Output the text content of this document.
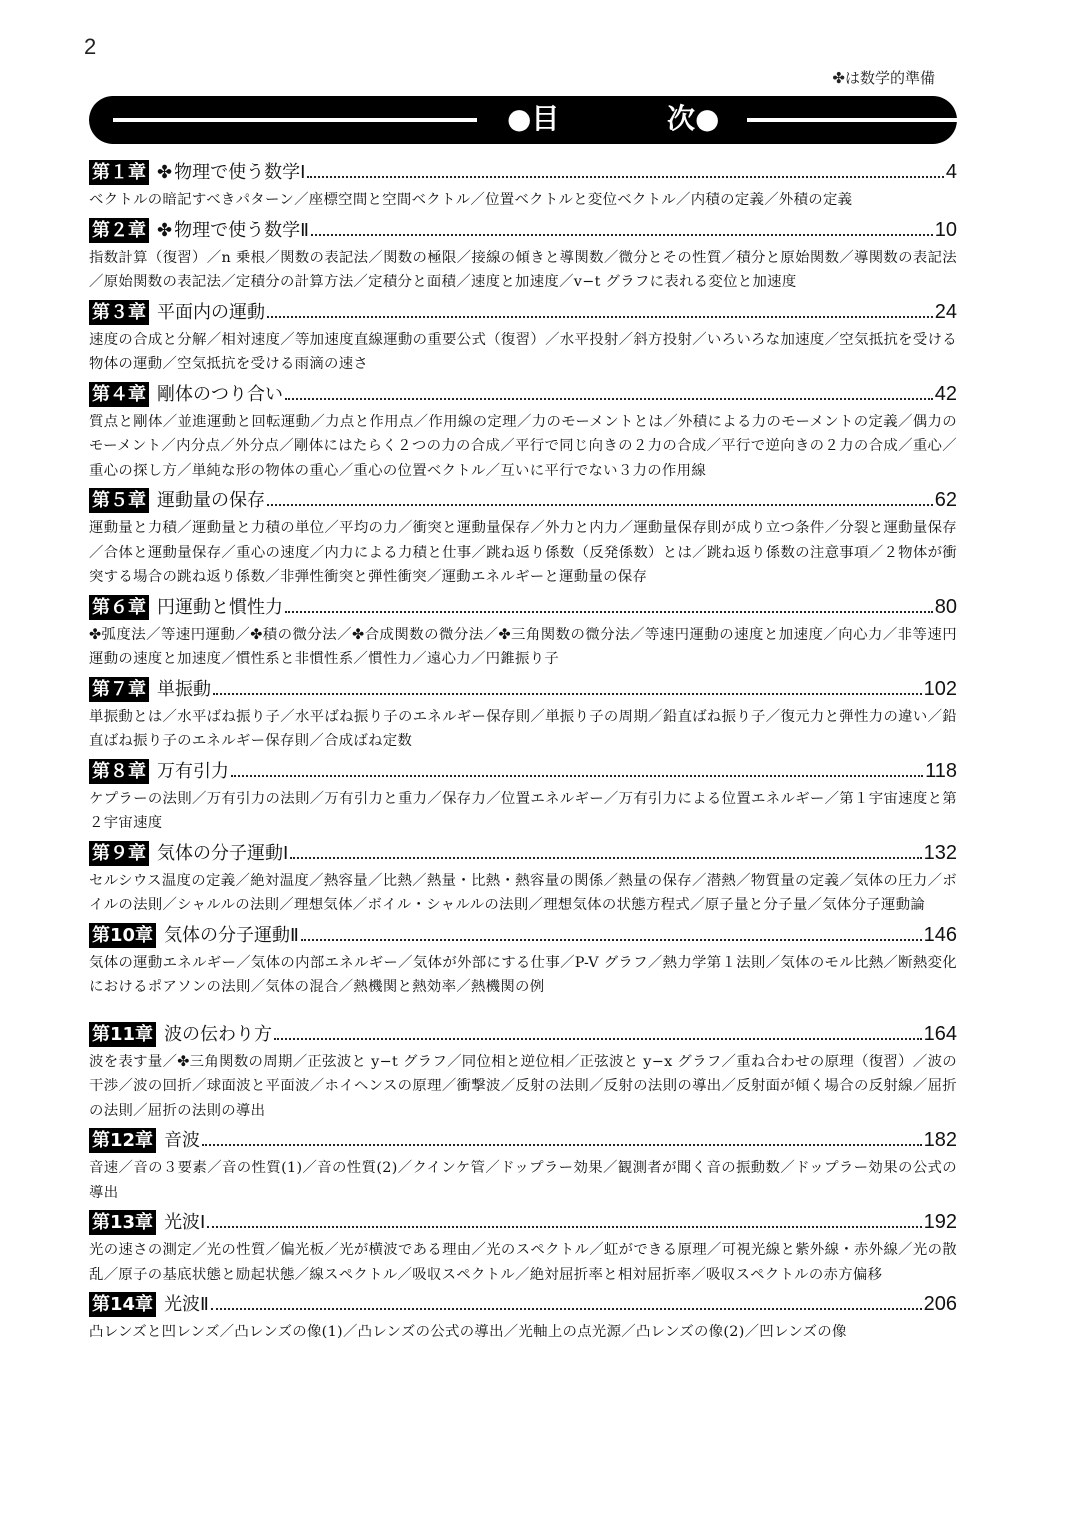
2
✤は数学的準備
●目	次●
第１章 ✤ 物理で使う数学Ⅰ	4
ベクトルの暗記すべきパターン／座標空間と空間ベクトル／位置ベクトルと変位ベクトル／内積の定義／外積の定義
第２章 ✤ 物理で使う数学Ⅱ	10
指数計算（復習）／n 乗根／関数の表記法／関数の極限／接線の傾きと導関数／微分とその性質／積分と原始関数／導関数の表記法／原始関数の表記法／定積分の計算方法／定積分と面積／速度と加速度／v−t グラフに表れる変位と加速度
第３章 平面内の運動	24
速度の合成と分解／相対速度／等加速度直線運動の重要公式（復習）／水平投射／斜方投射／いろいろな加速度／空気抵抗を受ける物体の運動／空気抵抗を受ける雨滴の速さ
第４章 剛体のつり合い	42
質点と剛体／並進運動と回転運動／力点と作用点／作用線の定理／力のモーメントとは／外積による力のモーメントの定義／偶力のモーメント／内分点／外分点／剛体にはたらく２つの力の合成／平行で同じ向きの２力の合成／平行で逆向きの２力の合成／重心／重心の探し方／単純な形の物体の重心／重心の位置ベクトル／互いに平行でない３力の作用線
第５章 運動量の保存	62
運動量と力積／運動量と力積の単位／平均の力／衝突と運動量保存／外力と内力／運動量保存則が成り立つ条件／分裂と運動量保存／合体と運動量保存／重心の速度／内力による力積と仕事／跳ね返り係数（反発係数）とは／跳ね返り係数の注意事項／２物体が衝突する場合の跳ね返り係数／非弾性衝突と弾性衝突／運動エネルギーと運動量の保存
第６章 円運動と慣性力	80
✤弧度法／等速円運動／✤積の微分法／✤合成関数の微分法／✤三角関数の微分法／等速円運動の速度と加速度／向心力／非等速円運動の速度と加速度／慣性系と非慣性系／慣性力／遠心力／円錐振り子
第７章 単振動	102
単振動とは／水平ばね振り子／水平ばね振り子のエネルギー保存則／単振り子の周期／鉛直ばね振り子／復元力と弾性力の違い／鉛直ばね振り子のエネルギー保存則／合成ばね定数
第８章 万有引力	118
ケプラーの法則／万有引力の法則／万有引力と重力／保存力／位置エネルギー／万有引力による位置エネルギー／第１宇宙速度と第２宇宙速度
第９章 気体の分子運動Ⅰ	132
セルシウス温度の定義／絶対温度／熱容量／比熱／熱量・比熱・熱容量の関係／熱量の保存／潜熱／物質量の定義／気体の圧力／ボイルの法則／シャルルの法則／理想気体／ボイル・シャルルの法則／理想気体の状態方程式／原子量と分子量／気体分子運動論
第10章 気体の分子運動Ⅱ	146
気体の運動エネルギー／気体の内部エネルギー／気体が外部にする仕事／P-V グラフ／熱力学第１法則／気体のモル比熱／断熱変化におけるポアソンの法則／気体の混合／熱機関と熱効率／熱機関の例
第11章 波の伝わり方	164
波を表す量／✤三角関数の周期／正弦波と y−t グラフ／同位相と逆位相／正弦波と y−x グラフ／重ね合わせの原理（復習）／波の干渉／波の回折／球面波と平面波／ホイヘンスの原理／衝撃波／反射の法則／反射の法則の導出／反射面が傾く場合の反射線／屈折の法則／屈折の法則の導出
第12章 音波	182
音速／音の３要素／音の性質(1)／音の性質(2)／クインケ管／ドップラー効果／観測者が聞く音の振動数／ドップラー効果の公式の導出
第13章 光波Ⅰ	192
光の速さの測定／光の性質／偏光板／光が横波である理由／光のスペクトル／虹ができる原理／可視光線と紫外線・赤外線／光の散乱／原子の基底状態と励起状態／線スペクトル／吸収スペクトル／絶対屈折率と相対屈折率／吸収スペクトルの赤方偏移
第14章 光波Ⅱ	206
凸レンズと凹レンズ／凸レンズの像(1)／凸レンズの公式の導出／光軸上の点光源／凸レンズの像(2)／凹レンズの像
